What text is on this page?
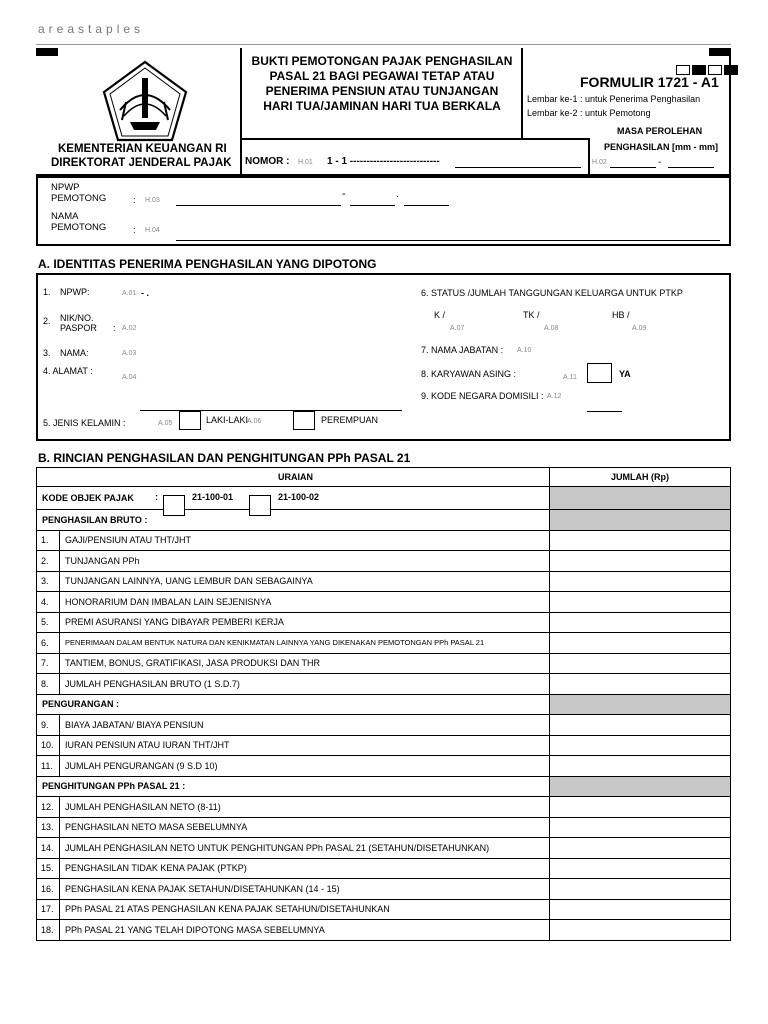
areastaples
BUKTI PEMOTONGAN PAJAK PENGHASILAN
PASAL 21 BAGI PEGAWAI TETAP ATAU
PENERIMA PENSIUN ATAU TUNJANGAN
HARI TUA/JAMINAN HARI TUA BERKALA
FORMULIR 1721 - A1
Lembar ke-1 : untuk Penerima Penghasilan
Lembar ke-2 : untuk Pemotong
MASA PEROLEHAN
PENGHASILAN [mm - mm]
H.02	-
KEMENTERIAN KEUANGAN RI
DIREKTORAT JENDERAL PAJAK NOMOR : H.01 1 - 1 ---------------------------
NPWP
PEMOTONG	: H.03
-	.
NAMA
PEMOTONG	: H.04
A. IDENTITAS PENERIMA PENGHASILAN YANG DIPOTONG
1. NPWP:	A.01 - .
2. NIK/NO.
PASPOR : A.02
3. NAMA:	A.03
4. ALAMAT :
A.04
5. JENIS KELAMIN :	A.05	LAKI-LAKI
A.06	PEREMPUAN
6. STATUS /JUMLAH TANGGUNGAN KELUARGA UNTUK PTKP
K /
A.07
TK /
A.08
HB /
A.09
7. NAMA JABATAN : A.10
8. KARYAWAN ASING :	A.11	YA
9. KODE NEGARA DOMISILI : A.12
B. RINCIAN PENGHASILAN DAN PENGHITUNGAN PPh PASAL 21
URAIAN		JUMLAH (Rp)
KODE OBJEK PAJAK : 21-100-01 21-100-02		

PENGHASILAN BRUTO :		
1.	GAJI/PENSIUN ATAU THT/JHT	
2.	TUNJANGAN PPh	
3.	TUNJANGAN LAINNYA, UANG LEMBUR DAN SEBAGAINYA	
4.	HONORARIUM DAN IMBALAN LAIN SEJENISNYA	
5.	PREMI ASURANSI YANG DIBAYAR PEMBERI KERJA	
6.	PENERIMAAN DALAM BENTUK NATURA DAN KENIKMATAN LAINNYA YANG DIKENAKAN PEMOTONGAN PPh PASAL 21	
7.	TANTIEM, BONUS, GRATIFIKASI, JASA PRODUKSI DAN THR	
8.	JUMLAH PENGHASILAN BRUTO (1 S.D.7)	
PENGURANGAN :		
9.	BIAYA JABATAN/ BIAYA PENSIUN	
10.	IURAN PENSIUN ATAU IURAN THT/JHT	
11.	JUMLAH PENGURANGAN (9 S.D 10)	
PENGHITUNGAN PPh PASAL 21 :		
12.	JUMLAH PENGHASILAN NETO (8-11)	
13.	PENGHASILAN NETO MASA SEBELUMNYA	
14.	JUMLAH PENGHASILAN NETO UNTUK PENGHITUNGAN PPh PASAL 21 (SETAHUN/DISETAHUNKAN)	
15.	PENGHASILAN TIDAK KENA PAJAK (PTKP)	
16.	PENGHASILAN KENA PAJAK SETAHUN/DISETAHUNKAN (14 - 15)	
17.	PPh PASAL 21 ATAS PENGHASILAN KENA PAJAK SETAHUN/DISETAHUNKAN	
18.	PPh PASAL 21 YANG TELAH DIPOTONG MASA SEBELUMNYA	
